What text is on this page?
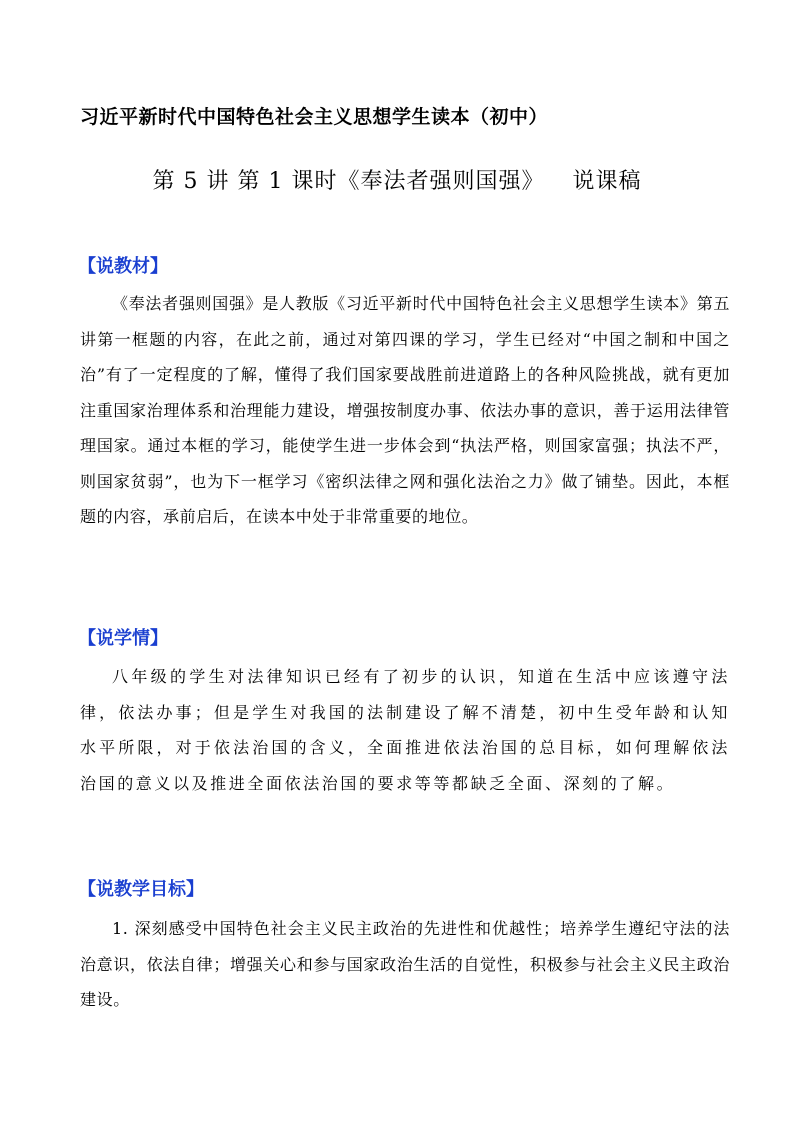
习近平新时代中国特色社会主义思想学生读本（初中）
第 5 讲 第 1 课时《奉法者强则国强》 说课稿
【说教材】
《奉法者强则国强》是人教版《习近平新时代中国特色社会主义思想学生读本》第五讲第一框题的内容，在此之前，通过对第四课的学习，学生已经对“中国之制和中国之治”有了一定程度的了解，懂得了我们国家要战胜前进道路上的各种风险挑战，就有更加注重国家治理体系和治理能力建设，增强按制度办事、依法办事的意识，善于运用法律管理国家。通过本框的学习，能使学生进一步体会到“执法严格，则国家富强；执法不严，则国家贫弱”，也为下一框学习《密织法律之网和强化法治之力》做了铺垫。因此，本框题的内容，承前启后，在读本中处于非常重要的地位。
【说学情】
八年级的学生对法律知识已经有了初步的认识，知道在生活中应该遵守法律，依法办事；但是学生对我国的法制建设了解不清楚，初中生受年龄和认知水平所限，对于依法治国的含义，全面推进依法治国的总目标，如何理解依法治国的意义以及推进全面依法治国的要求等等都缺乏全面、深刻的了解。
【说教学目标】
1. 深刻感受中国特色社会主义民主政治的先进性和优越性；培养学生遵纪守法的法治意识，依法自律；增强关心和参与国家政治生活的自觉性，积极参与社会主义民主政治建设。
